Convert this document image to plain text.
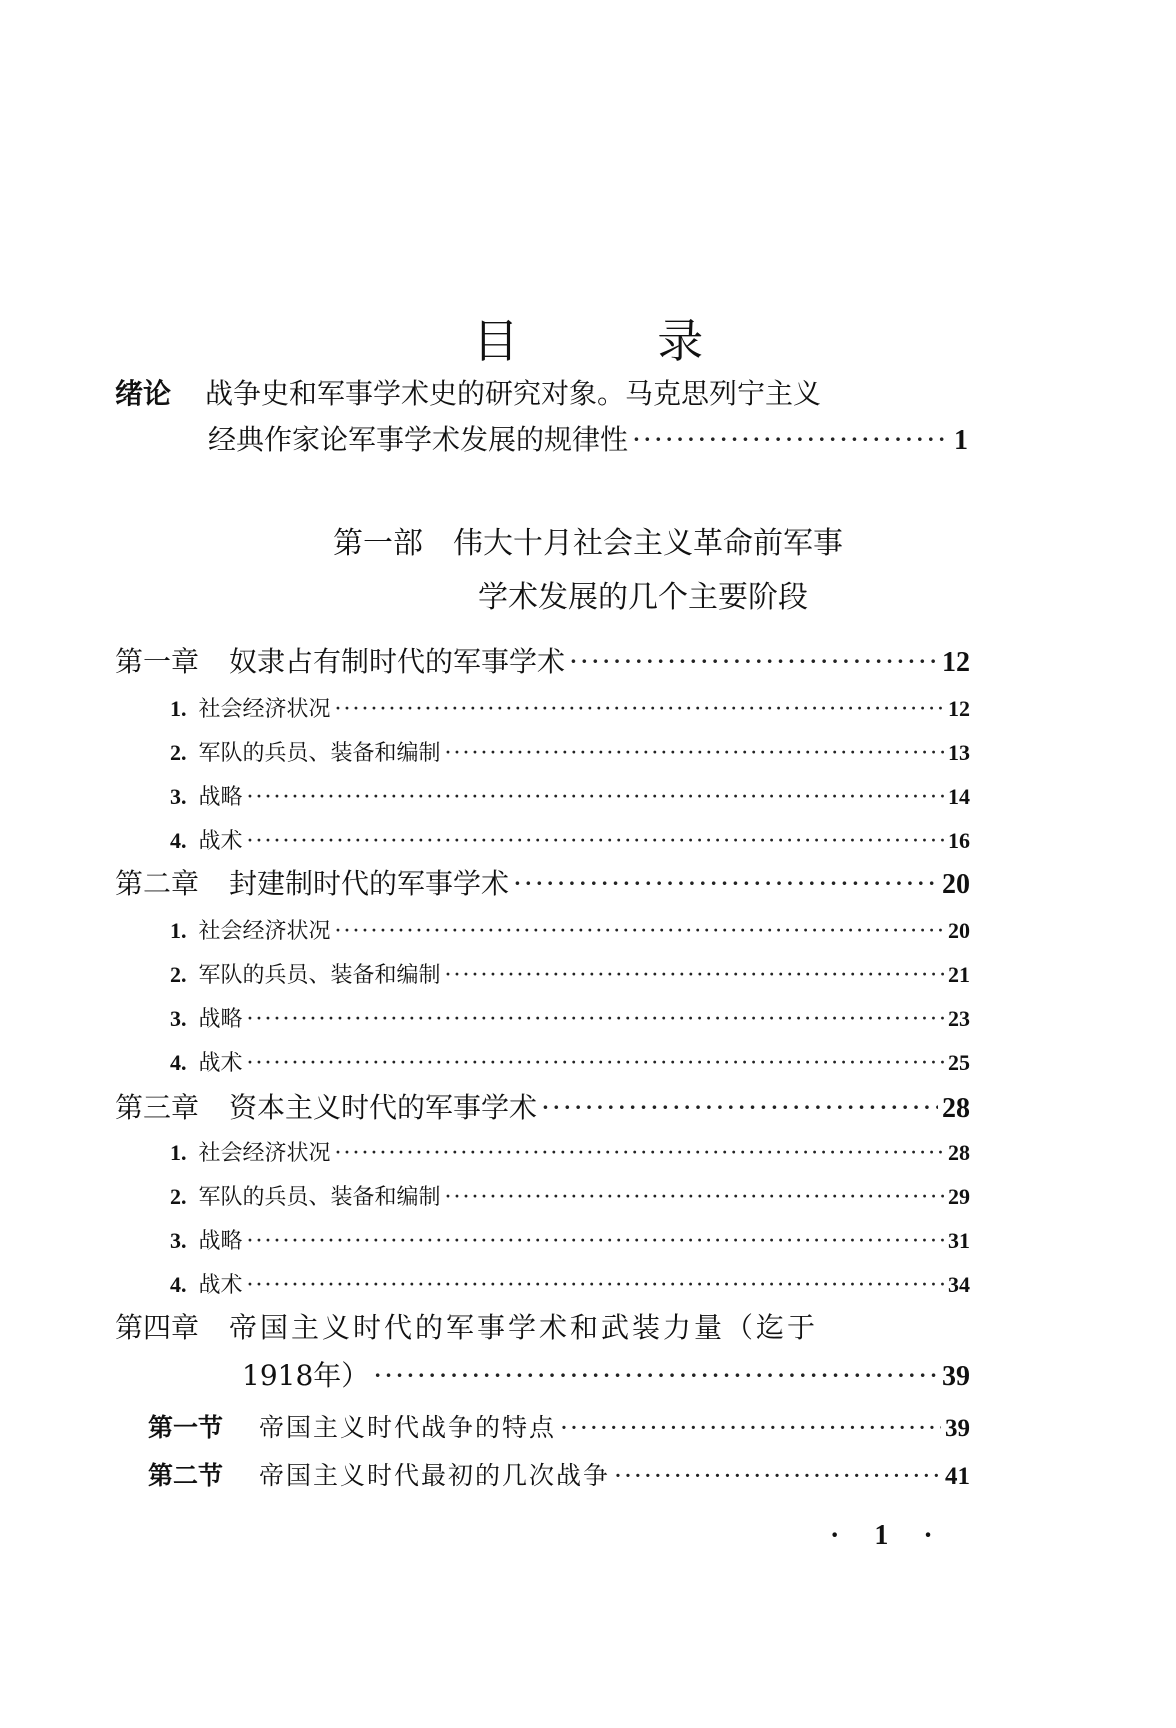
目 录
绪论 战争史和军事学术史的研究对象。马克思列宁主义
经典作家论军事学术发展的规律性 ·····	1
第一部　伟大十月社会主义革命前军事
学术发展的几个主要阶段
第一章 奴隶占有制时代的军事学术 ·····	12
1. 社会经济状况 ·····	12
2. 军队的兵员、装备和编制 ·····	13
3. 战略 ·····	14
4. 战术 ·····	16
第二章 封建制时代的军事学术 ·····	20
1. 社会经济状况 ·····	20
2. 军队的兵员、装备和编制 ·····	21
3. 战略 ·····	23
4. 战术 ·····	25
第三章 资本主义时代的军事学术 ·····	28
1. 社会经济状况 ·····	28
2. 军队的兵员、装备和编制 ·····	29
3. 战略 ·····	31
4. 战术 ·····	34
第四章 帝国主义时代的军事学术和武装力量（迄于
1918年） ·····	39
第一节 帝国主义时代战争的特点 ·····	39
第二节 帝国主义时代最初的几次战争 ·····	41
· 1 ·
